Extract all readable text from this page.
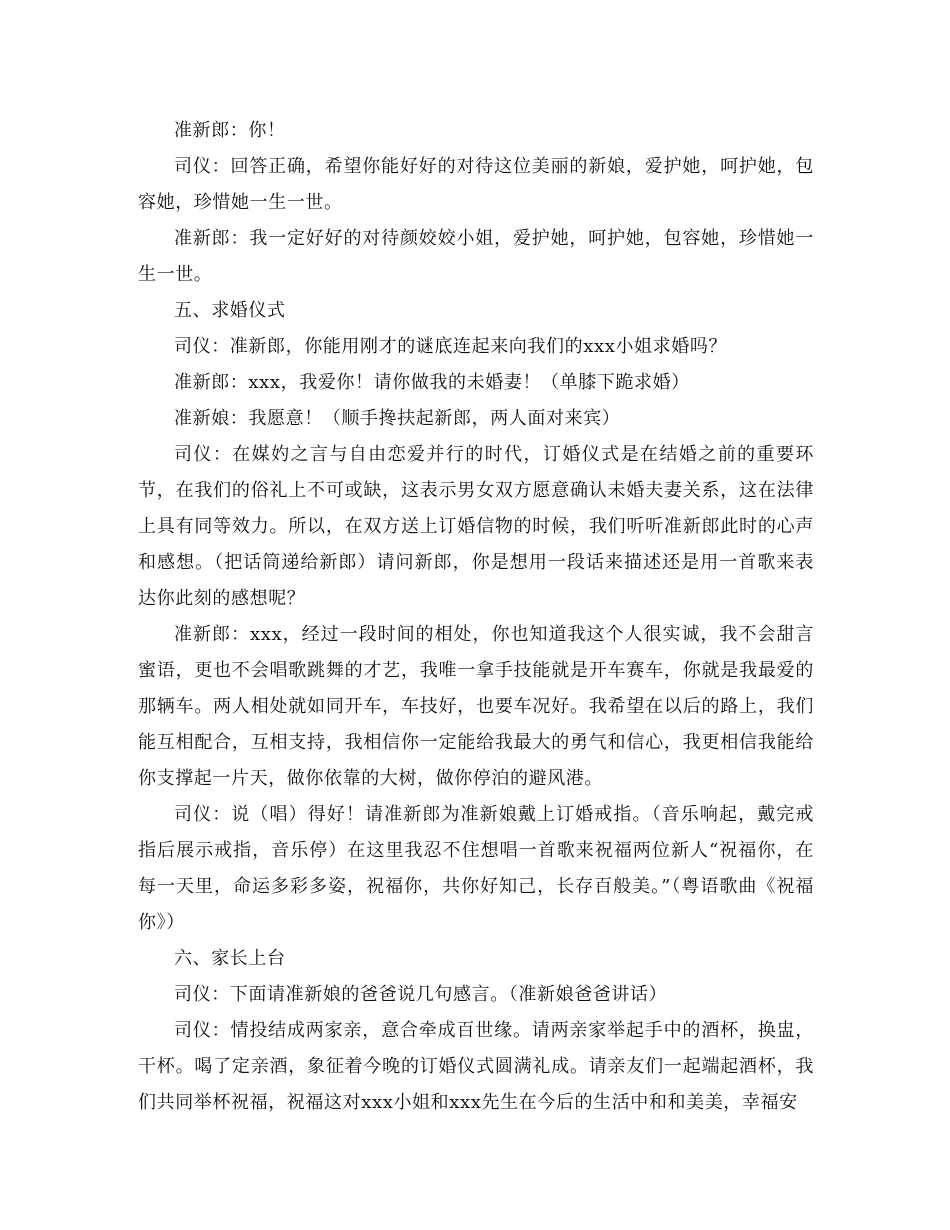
准新郎：你！

司仪：回答正确，希望你能好好的对待这位美丽的新娘，爱护她，呵护她，包容她，珍惜她一生一世。

准新郎：我一定好好的对待颜姣姣小姐，爱护她，呵护她，包容她，珍惜她一生一世。

五、求婚仪式

司仪：准新郎，你能用刚才的谜底连起来向我们的xxx小姐求婚吗？

准新郎：xxx，我爱你！请你做我的未婚妻！（单膝下跪求婚）

准新娘：我愿意！（顺手搀扶起新郎，两人面对来宾）

司仪：在媒妁之言与自由恋爱并行的时代，订婚仪式是在结婚之前的重要环节，在我们的俗礼上不可或缺，这表示男女双方愿意确认未婚夫妻关系，这在法律上具有同等效力。所以，在双方送上订婚信物的时候，我们听听准新郎此时的心声和感想。（把话筒递给新郎）请问新郎，你是想用一段话来描述还是用一首歌来表达你此刻的感想呢？

准新郎：xxx，经过一段时间的相处，你也知道我这个人很实诚，我不会甜言蜜语，更也不会唱歌跳舞的才艺，我唯一拿手技能就是开车赛车，你就是我最爱的那辆车。两人相处就如同开车，车技好，也要车况好。我希望在以后的路上，我们能互相配合，互相支持，我相信你一定能给我最大的勇气和信心，我更相信我能给你支撑起一片天，做你依靠的大树，做你停泊的避风港。

司仪：说（唱）得好！请准新郎为准新娘戴上订婚戒指。（音乐响起，戴完戒指后展示戒指，音乐停）在这里我忍不住想唱一首歌来祝福两位新人“祝福你，在每一天里，命运多彩多姿，祝福你，共你好知己，长存百般美。”（粤语歌曲《祝福你》）

六、家长上台

司仪：下面请准新娘的爸爸说几句感言。（准新娘爸爸讲话）

司仪：情投结成两家亲，意合牵成百世缘。请两亲家举起手中的酒杯，换盅，干杯。喝了定亲酒，象征着今晚的订婚仪式圆满礼成。请亲友们一起端起酒杯，我们共同举杯祝福，祝福这对xxx小姐和xxx先生在今后的生活中和和美美，幸福安
